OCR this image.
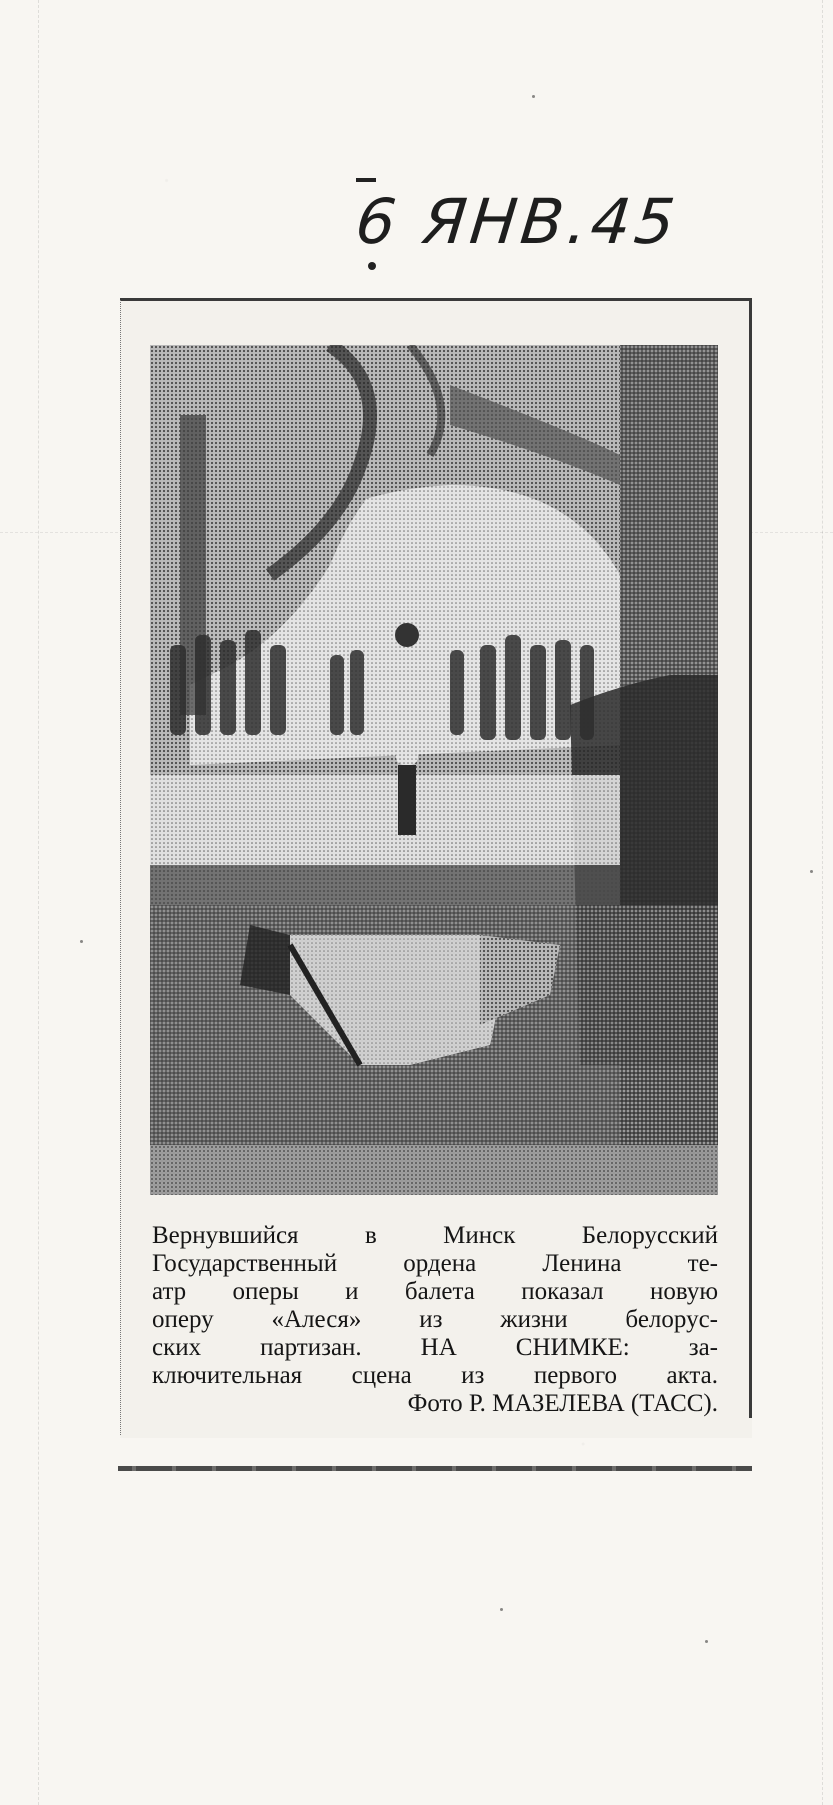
6 ЯНВ.45
Вернувшийся в Минск Белорусский
Государственный ордена Ленина те-
атр оперы и балета показал новую
оперу «Алеся» из жизни белорус-
ских партизан. НА СНИМКЕ: за-
ключительная сцена из первого акта.
Фото Р. МАЗЕЛЕВА (ТАСС).
